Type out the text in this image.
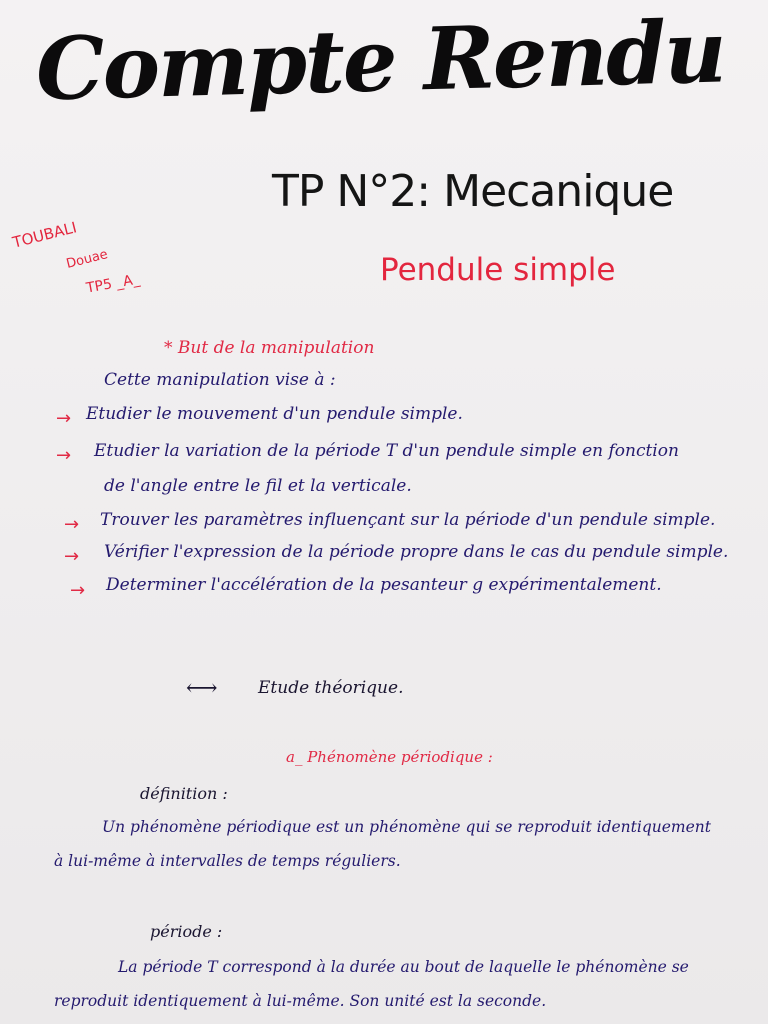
Compte Rendu
TP N°2: Mecanique
Pendule simple
TOUBALI
Douae
TP5 _A_
* But de la manipulation
Cette manipulation vise à :
→ Etudier le mouvement d'un pendule simple.
→ Etudier la variation de la période T d'un pendule simple en fonction
de l'angle entre le fil et la verticale.
→ Trouver les paramètres influençant sur la période d'un pendule simple.
→ Vérifier l'expression de la période propre dans le cas du pendule simple.
→ Determiner l'accélération de la pesanteur g expérimentalement.
⟷ Etude théorique.
a_ Phénomène périodique :
définition :
Un phénomène périodique est un phénomène qui se reproduit identiquement
à lui-même à intervalles de temps réguliers.
période :
La période T correspond à la durée au bout de laquelle le phénomène se
reproduit identiquement à lui-même. Son unité est la seconde.
